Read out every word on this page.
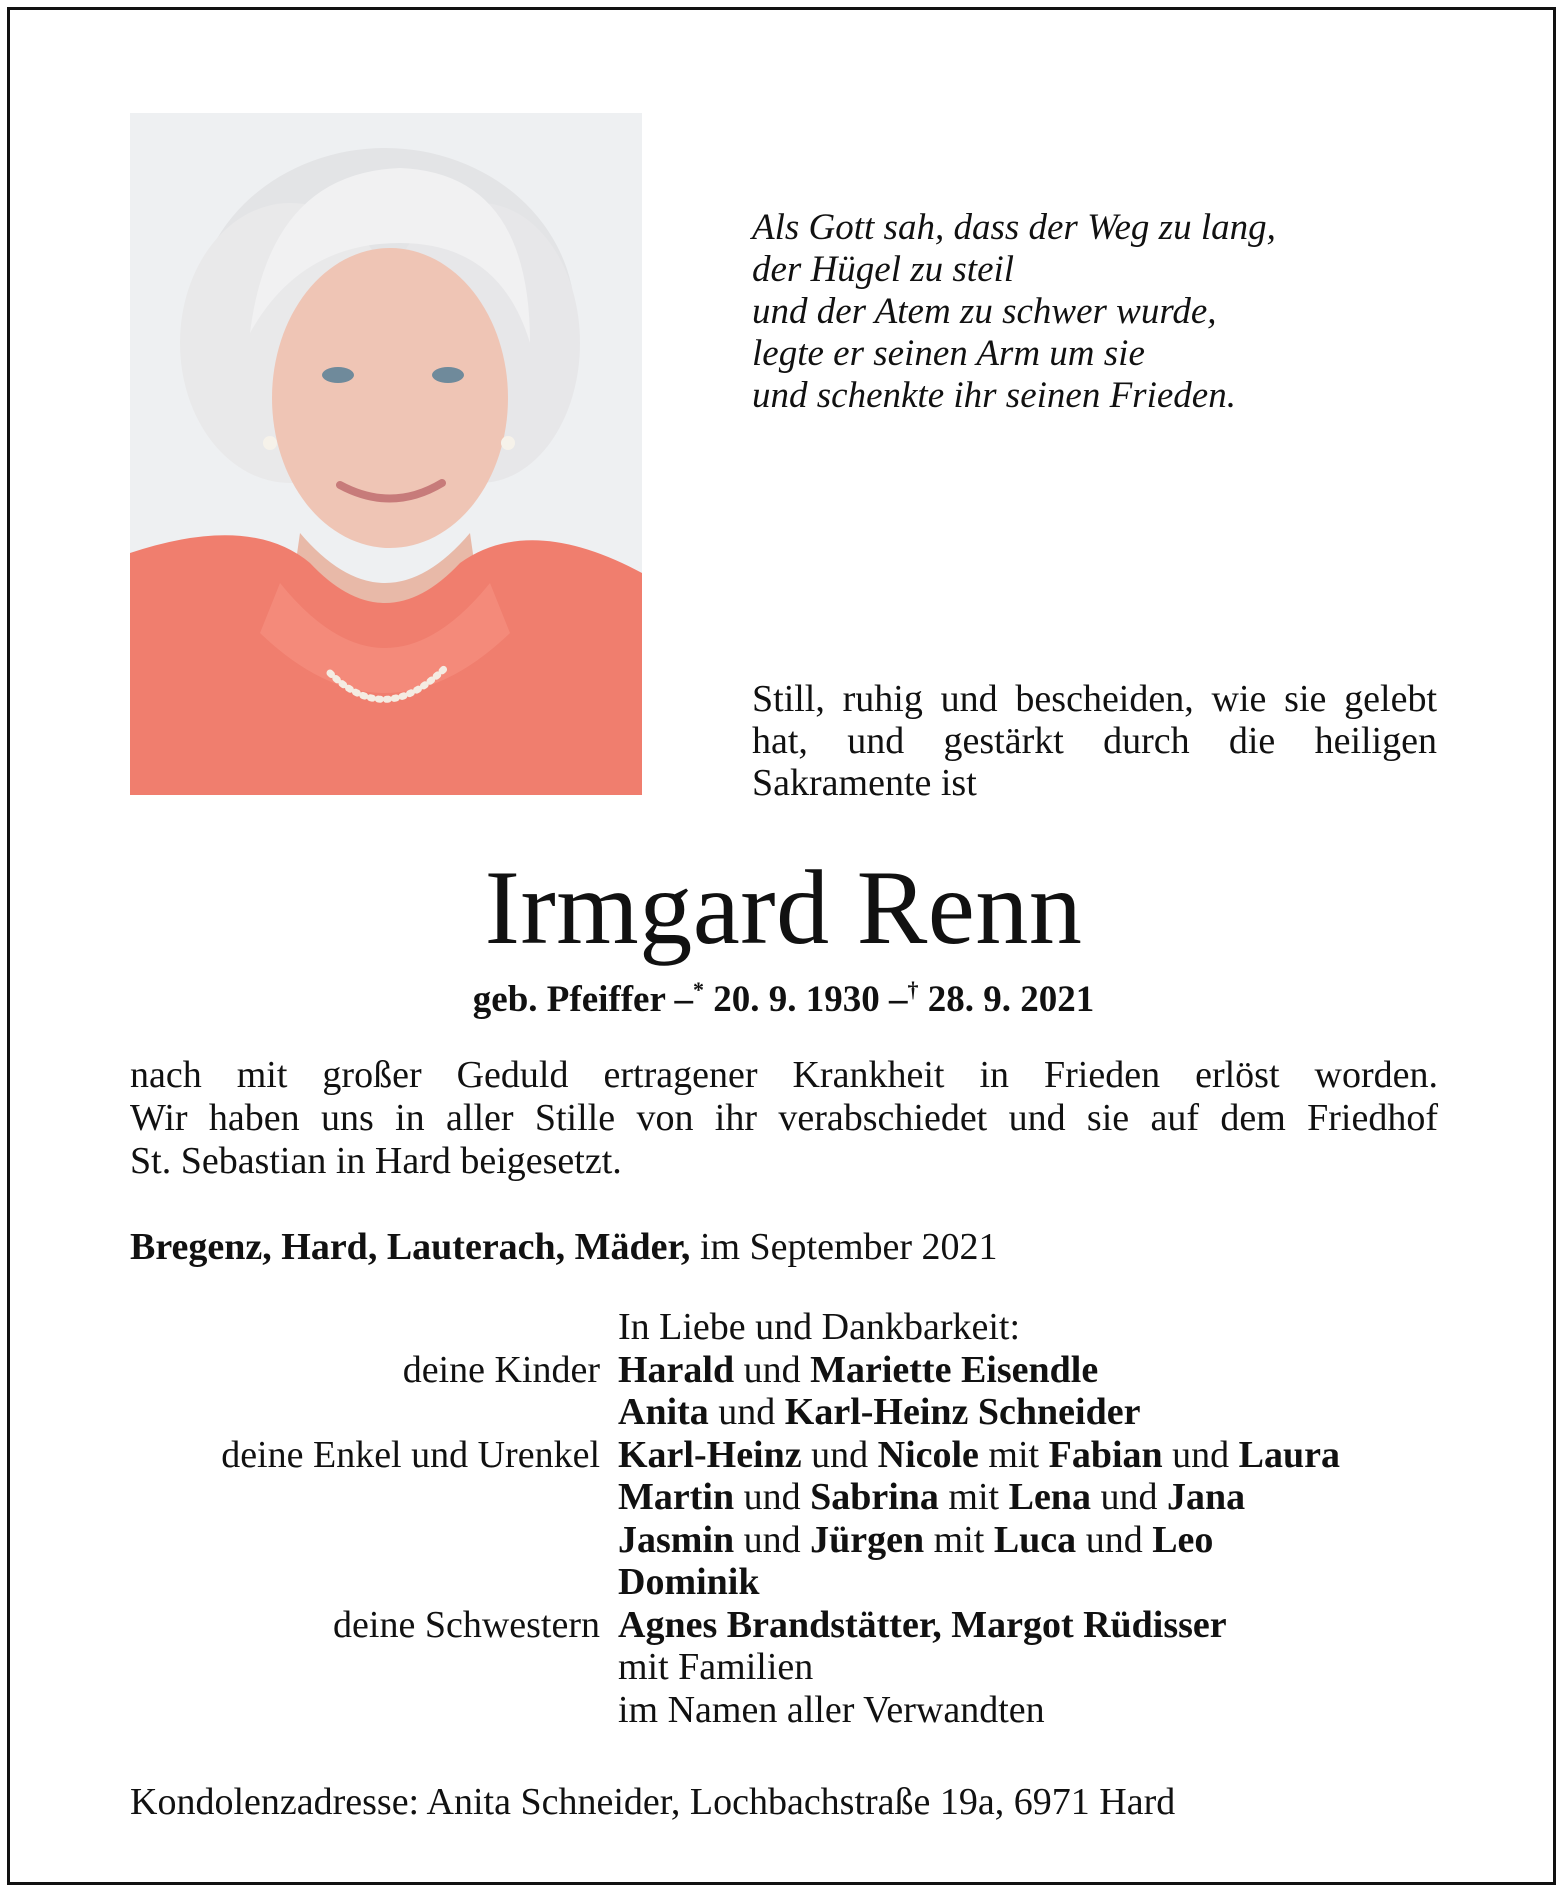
Als Gott sah, dass der Weg zu lang,
der Hügel zu steil
und der Atem zu schwer wurde,
legte er seinen Arm um sie
und schenkte ihr seinen Frieden.
Still, ruhig und bescheiden, wie sie gelebt hat, und gestärkt durch die heiligen Sakramente ist
Irmgard Renn
geb. Pfeiffer –* 20. 9. 1930 –† 28. 9. 2021
nach mit großer Geduld ertragener Krankheit in Frieden erlöst worden.
Wir haben uns in aller Stille von ihr verabschiedet und sie auf dem Friedhof
St. Sebastian in Hard beigesetzt.
Bregenz, Hard, Lauterach, Mäder, im September 2021
In Liebe und Dankbarkeit:
deine Kinder Harald und Mariette Eisendle
Anita und Karl-Heinz Schneider
deine Enkel und Urenkel Karl-Heinz und Nicole mit Fabian und Laura
Martin und Sabrina mit Lena und Jana
Jasmin und Jürgen mit Luca und Leo
Dominik
deine Schwestern Agnes Brandstätter, Margot Rüdisser
mit Familien
im Namen aller Verwandten
Kondolenzadresse: Anita Schneider, Lochbachstraße 19a, 6971 Hard
